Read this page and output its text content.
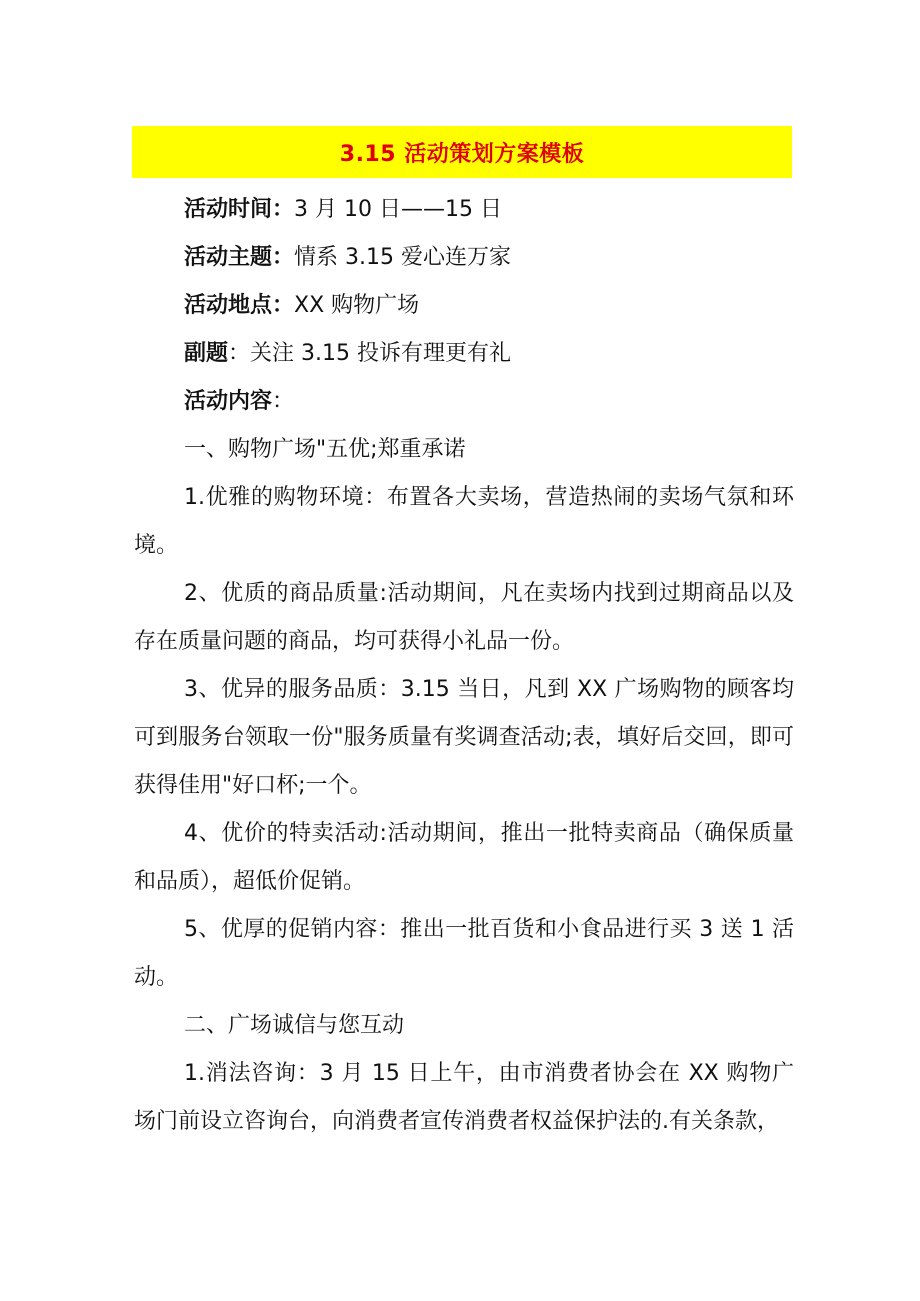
3.15 活动策划方案模板

活动时间：3 月 10 日——15 日

活动主题：情系 3.15 爱心连万家

活动地点：XX 购物广场

副题：关注 3.15 投诉有理更有礼

活动内容：

一、购物广场"五优;郑重承诺

1.优雅的购物环境：布置各大卖场，营造热闹的卖场气氛和环境。

2、优质的商品质量:活动期间，凡在卖场内找到过期商品以及存在质量问题的商品，均可获得小礼品一份。

3、优异的服务品质：3.15 当日，凡到 XX 广场购物的顾客均可到服务台领取一份"服务质量有奖调查活动;表，填好后交回，即可获得佳用"好口杯;一个。

4、优价的特卖活动:活动期间，推出一批特卖商品（确保质量和品质），超低价促销。

5、优厚的促销内容：推出一批百货和小食品进行买 3 送 1 活动。

二、广场诚信与您互动

1.消法咨询：3 月 15 日上午，由市消费者协会在 XX 购物广场门前设立咨询台，向消费者宣传消费者权益保护法的.有关条款，
